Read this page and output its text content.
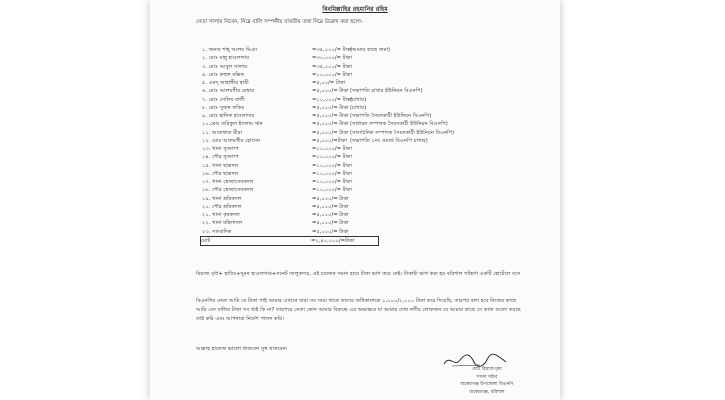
বিবমিল্লাহির রহমানির রহিম
নেতা সালাম নিবেন, নিম্নে বালি সম্পর্কীয় যাবতীয় তথ্য নিম্নে উল্লেখ করা হলো-
১. জনাব শাহ্ আলম মিঞা	=৩৫,০০০/= টাকা
(আমার কাছে জমা)
২. মোঃ মান্নু হাওলাদার	=৩০,০০০/= টাকা
৩. মোঃ আবুল সালাম	=৩৫,০০০/= টাকা
৪. মোঃ রুহুল মল্লিক	=১০,০০০/= টাকা
৫. এমদ্ জাহাঙ্গীর স্বামী	=৫,০০/= টাকা
৬. মোঃ আলমগীর মেম্বার	=৫,০০০/= টাকা (সভাপতি চাখার ইউনিয়ন বিএনপি)
৭. মোঃ সেলিম বালী	=১০,০০০/= টাকা
(চাখার)
৮. মোঃ সুজন ফকির	=৫,০০০/= টাকা (চাখার)
৯. মোঃ হানিফ হাওলাদার	=৫,০০০/= টাকা (সভাপতি সৈয়দকাঠী ইউনিয়ন বিএনপি)
১০.মোঃ তরিকুল ইসলাম খান	=৫,০০০/= টাকা (সাধারন সম্পাদক সৈয়দকাঠী ইউনিয়ন বিএনপি)
১১. আরাফাত মীরা	=৫,০০০/= টাকা (সাংগঠনিক সম্পাদক সৈয়দকাঠী ইউনিয়ন বিএনপি)
১২. মোঃ আলমগীর হোসেন	=৫,০০০/=টাকা (সভাপতি ১নং ওয়ার্ড বিএনপি চাখার)
১৩. খানা সুজলপ	=১০,০০০/= টাকা
১৪. শৌর সুজলপ	=১০,০০০/= টাকা
১৫. খানা ছাত্রদল	=১০,০০০/= টাকা
১৬. শৌর ছাত্রদল	=১০,০০০/= টাকা
১৭. খানা স্বেচ্ছাসেবকদল	=১০,০০০/= টাকা
১৮. শৌর স্বেচ্ছাসেবকদল	=১০,০০০/= টাকা
১৯. খানা শ্রমিকদল	=৫,০০০/= টাকা
২০. শৌর শ্রমিকদল	=৫,০০০/= টাকা
২১. খানা কৃষকদল	=৫,০০০/= টাকা
২২. খানা মহিলাদল	=৫,০০০/= টাকা
২৩. সাংবাদিক	=৫,০০০/= টাকা
মোট	=২,৪০,০০০/=টাকা
রিয়াজ মৃধা+ হাবিব+সুমন হাওলাদার+সনেট তালুকদার, এই চারজন সমান হারে টাকা ভাগ করে নেই। টাকাটা ভাগ করা হয় বরিশাল গটহগা একটি হোটেলে বসে
বিএনপির নেতা আমি যে টাকা পাই আমার এখানে যারা সব সময় থাকে তাদের অধিকাংশকে ১,০০০/২,০০০ টাকা করে দিয়েছি, তারপর বলা হবে নিজের কাছে আমি এত বালির টাকা সব খাই কি না? তারপরে নেতা কোন আমার বিরুদ্ধে এর অভ্যন্তরে যা আমার দোষ দলীয় লোকজন যে আমার কাছে সে কাজ গুলো করছে তাই করি এবং আপনারা নির্দেশ পালন করি।
আল্লাহ হাফেজ ভালো থাকবেন সুস্থ থাকবেন।
মোঃ রিয়াজ মৃধা
সদস্য সচিব
বাকেরগঞ্জ উপজেলা বিএনপি
বাকেরগঞ্জ, বরিশাল
